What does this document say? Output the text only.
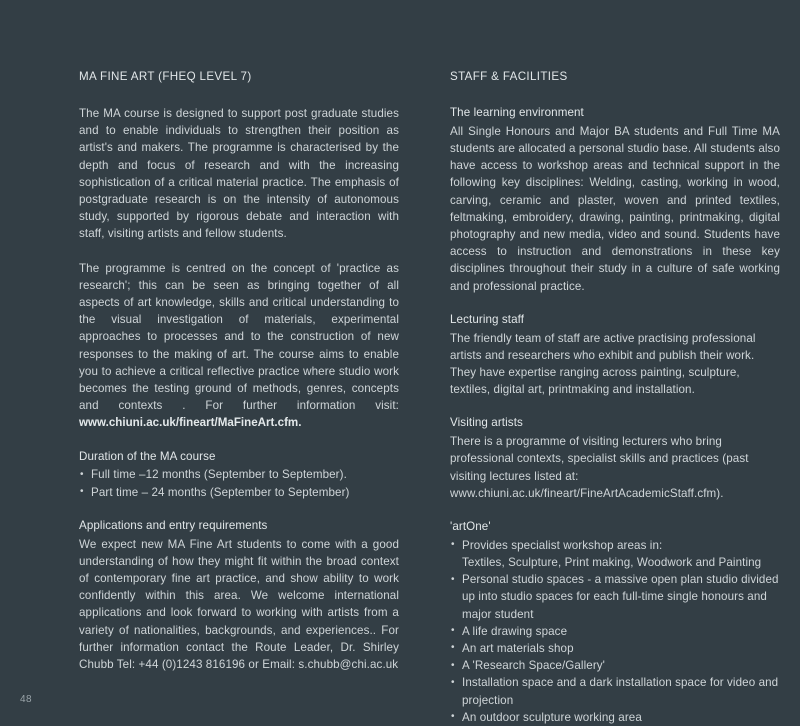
MA FINE ART (FHEQ LEVEL 7)

The MA course is designed to support post graduate studies and to enable individuals to strengthen their position as artist's and makers. The programme is characterised by the depth and focus of research and with the increasing sophistication of a critical material practice. The emphasis of postgraduate research is on the intensity of autonomous study, supported by rigorous debate and interaction with staff, visiting artists and fellow students.

The programme is centred on the concept of 'practice as research'; this can be seen as bringing together of all aspects of art knowledge, skills and critical understanding to the visual investigation of materials, experimental approaches to processes and to the construction of new responses to the making of art. The course aims to enable you to achieve a critical reflective practice where studio work becomes the testing ground of methods, genres, concepts and contexts . For further information visit: www.chiuni.ac.uk/fineart/MaFineArt.cfm.

Duration of the MA course
• Full time –12 months (September to September).
• Part time – 24 months (September to September)
Applications and entry requirements

We expect new MA Fine Art students to come with a good understanding of how they might fit within the broad context of contemporary fine art practice, and show ability to work confidently within this area. We welcome international applications and look forward to working with artists from a variety of nationalities, backgrounds, and experiences.. For further information contact the Route Leader, Dr. Shirley Chubb Tel: +44 (0)1243 816196 or Email: s.chubb@chi.ac.uk

STAFF & FACILITIES
The learning environment

All Single Honours and Major BA students and Full Time MA students are allocated a personal studio base. All students also have access to workshop areas and technical support in the following key disciplines: Welding, casting, working in wood, carving, ceramic and plaster, woven and printed textiles, feltmaking, embroidery, drawing, painting, printmaking, digital photography and new media, video and sound. Students have access to instruction and demonstrations in these key disciplines throughout their study in a culture of safe working and professional practice.

Lecturing staff

The friendly team of staff are active practising professional artists and researchers who exhibit and publish their work. They have expertise ranging across painting, sculpture, textiles, digital art, printmaking and installation.

Visiting artists

There is a programme of visiting lecturers who bring professional contexts, specialist skills and practices (past visiting lectures listed at: www.chiuni.ac.uk/fineart/FineArtAcademicStaff.cfm).

'artOne'
• Provides specialist workshop areas in:
Textiles, Sculpture, Print making, Woodwork and Painting
• Personal studio spaces - a massive open plan studio divided up into studio spaces for each full-time single honours and major student
• A life drawing space
• An art materials shop
• A 'Research Space/Gallery'
• Installation space and a dark installation space for video and projection
• An outdoor sculpture working area
48
